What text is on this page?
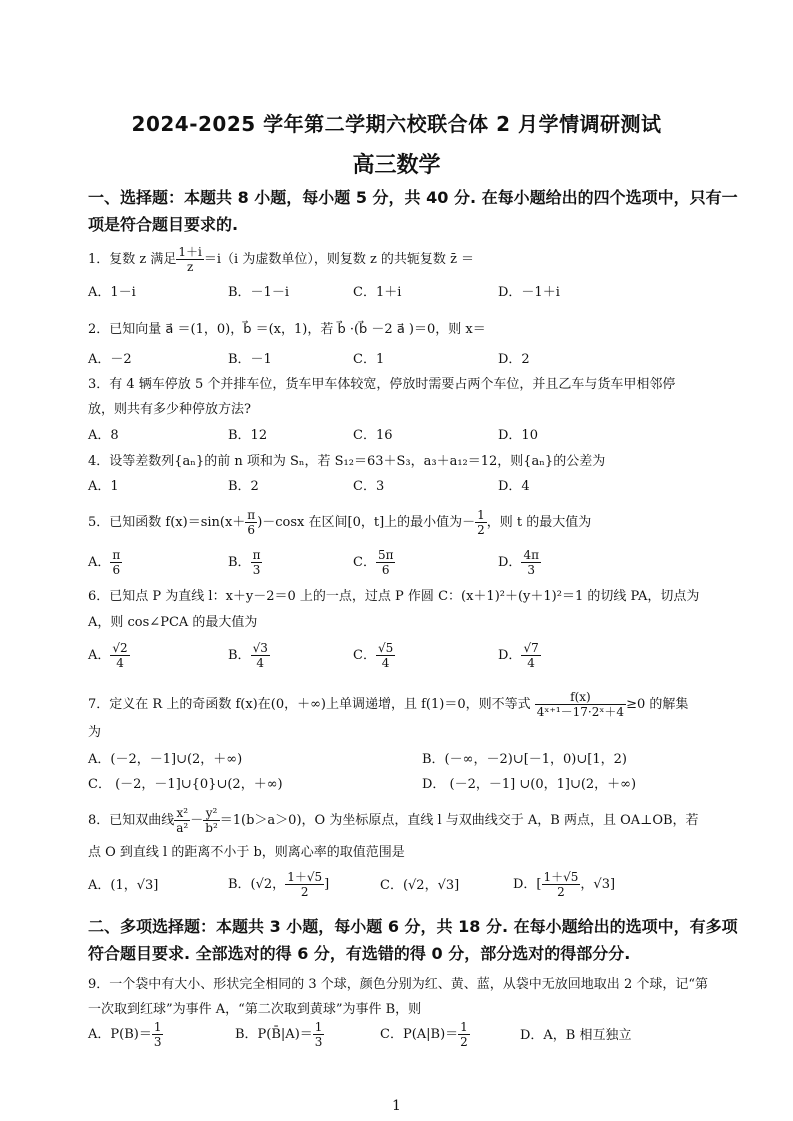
2024-2025 学年第二学期六校联合体 2 月学情调研测试
高三数学
一、选择题：本题共 8 小题，每小题 5 分，共 40 分. 在每小题给出的四个选项中，只有一
项是符合题目要求的.
1．复数 z 满足 $\frac{1+i}{z} =i(i$ 为虚数单位），则复数 z 的共轭复数 z̄ ＝
A．1－i	B．－1－i	C．1＋i	D．－1＋i
2．已知向量 a⃗ ＝(1，0)，b⃗ ＝(x，1)，若 b⃗ ·(b⃗ －2 a⃗ )＝0，则 x＝
A．－2	B．－1	C．1	D．2
3．有 4 辆车停放 5 个并排车位，货车甲车体较宽，停放时需要占两个车位，并且乙车与货车甲相邻停
放，则共有多少种停放方法?
A．8	B．12	C．16	D．10
4．设等差数列{aₙ}的前 n 项和为 Sₙ，若 S₁₂＝63＋S₃，a₃＋a₁₂＝12，则{aₙ}的公差为
A．1	B．2	C．3	D．4
5．已知函数 $f(x)=\sin(x+ \frac{\pi}{6} )-\cos x$ 在区间[0，t]上的最小值为－ $\frac{1}{2}$ ，则 t 的最大值为
A． $\frac{\pi}{6}$	B． $\frac{\pi}{3}$	C． $\frac{5\pi}{6}$	D． $\frac{4\pi}{3}$
6．已知点 P 为直线 l：x＋y－2＝0 上的一点，过点 P 作圆 C：(x＋1)²＋(y＋1)²＝1 的切线 PA，切点为
A，则 cos∠PCA 的最大值为
A． $\frac{√2}{4}$	B． $\frac{√3}{4}$	C． $\frac{√5}{4}$	D． $\frac{√7}{4}$
7．定义在 R 上的奇函数 f(x)在(0，＋∞)上单调递增，且 f(1)＝0，则不等式 $\frac{f(x)}{\text{4ˣ⁺¹－17·2ˣ＋4}} \ge 0$ 的解集
为
A．(－2，－1]∪(2，＋∞)	B．(－∞，－2)∪[－1，0)∪[1，2)
C． (－2，－1]∪{0}∪(2，＋∞)	D． (－2，－1] ∪(0，1]∪(2，＋∞)
8．已知双曲线 $\frac{\text{x²}}{\text{a²}} - \frac{\text{y²}}{\text{b²}} =1(b>a>0)$，O 为坐标原点，直线 l 与双曲线交于 A，B 两点，且 OA⊥OB，若
点 O 到直线 l 的距离不小于 b，则离心率的取值范围是
A．(1，√3]	B．(√2， $\frac{1+√5}{2}$ ]	C．(√2，√3]	D．[ $\frac{1+√5}{2}$ ，√3]
二、多项选择题：本题共 3 小题，每小题 6 分，共 18 分. 在每小题给出的选项中，有多项
符合题目要求. 全部选对的得 6 分，有选错的得 0 分，部分选对的得部分分.
9．一个袋中有大小、形状完全相同的 3 个球，颜色分别为红、黄、蓝，从袋中无放回地取出 2 个球，记“第
一次取到红球”为事件 A，“第二次取到黄球”为事件 B，则
A．$P(B)= \frac{1}{3}$	B．P(B̄|A)＝ $\frac{1}{3}$	C．$P(A|B)= \frac{1}{2}$	D．A，B 相互独立
1
